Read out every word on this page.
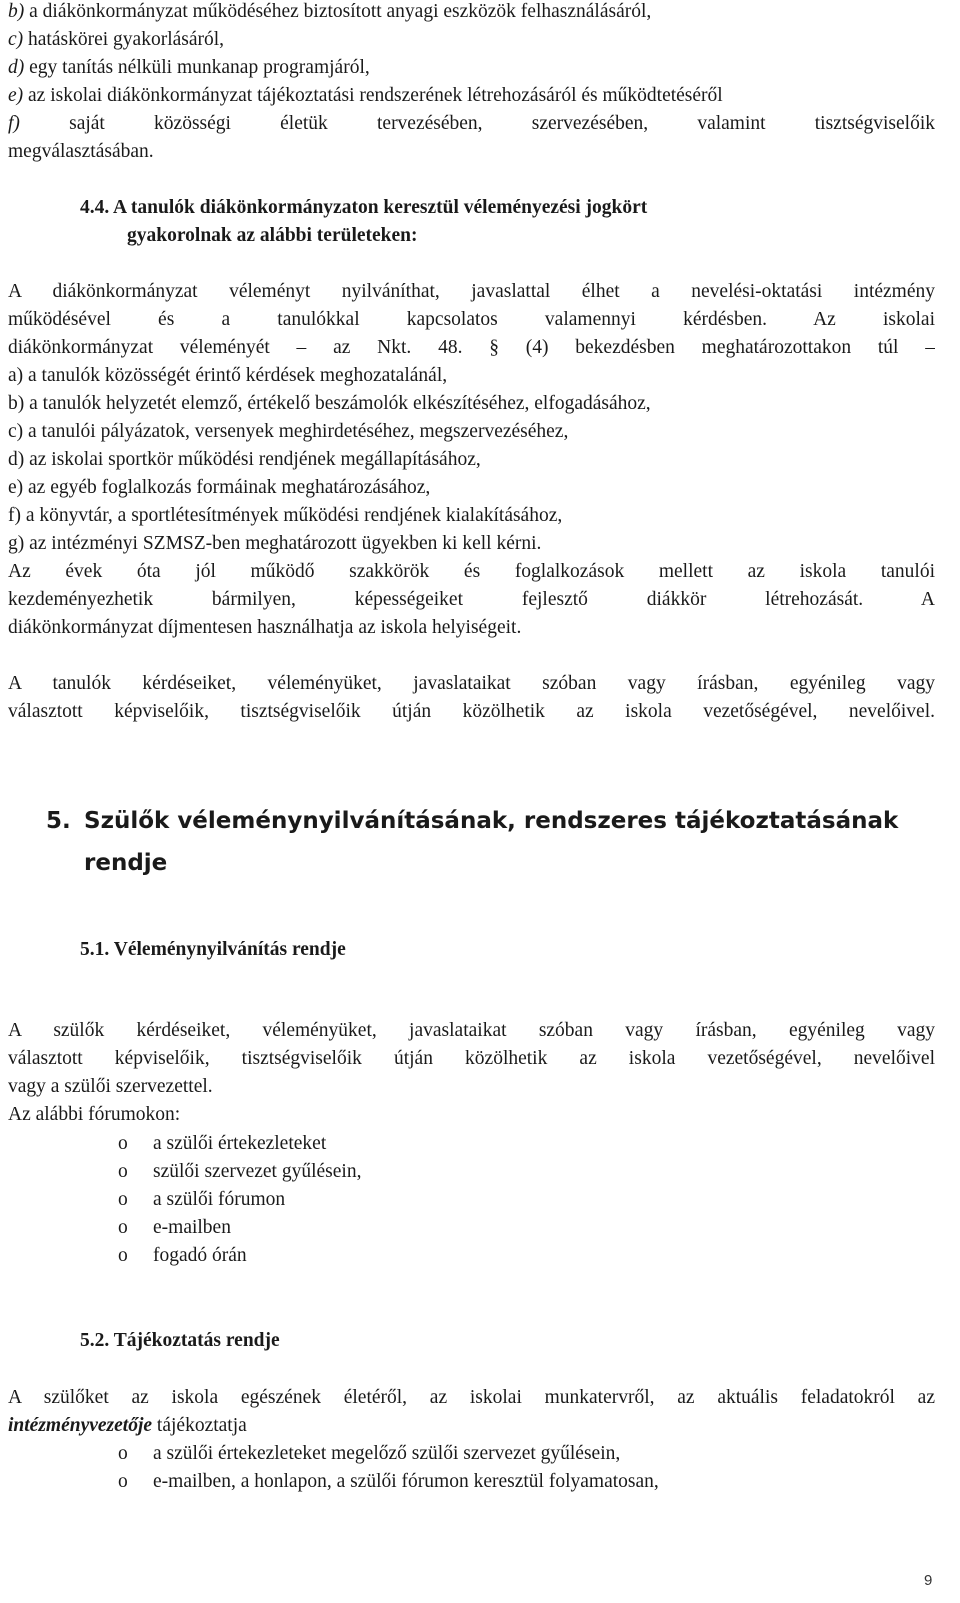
b) a diákönkormányzat működéséhez biztosított anyagi eszközök felhasználásáról,
c) hatáskörei gyakorlásáról,
d) egy tanítás nélküli munkanap programjáról,
e) az iskolai diákönkormányzat tájékoztatási rendszerének létrehozásáról és működtetéséről
f) saját közösségi életük tervezésében, szervezésében, valamint tisztségviselőik
megválasztásában.
4.4. A tanulók diákönkormányzaton keresztül véleményezési jogkört
gyakorolnak az alábbi területeken:
A diákönkormányzat véleményt nyilváníthat, javaslattal élhet a nevelési-oktatási intézmény
működésével és a tanulókkal kapcsolatos valamennyi kérdésben. Az iskolai
diákönkormányzat véleményét – az Nkt. 48. § (4) bekezdésben meghatározottakon túl –
a) a tanulók közösségét érintő kérdések meghozatalánál,
b) a tanulók helyzetét elemző, értékelő beszámolók elkészítéséhez, elfogadásához,
c) a tanulói pályázatok, versenyek meghirdetéséhez, megszervezéséhez,
d) az iskolai sportkör működési rendjének megállapításához,
e) az egyéb foglalkozás formáinak meghatározásához,
f) a könyvtár, a sportlétesítmények működési rendjének kialakításához,
g) az intézményi SZMSZ-ben meghatározott ügyekben ki kell kérni.
Az évek óta jól működő szakkörök és foglalkozások mellett az iskola tanulói
kezdeményezhetik bármilyen, képességeiket fejlesztő diákkör létrehozását. A
diákönkormányzat díjmentesen használhatja az iskola helyiségeit.
A tanulók kérdéseiket, véleményüket, javaslataikat szóban vagy írásban, egyénileg vagy
választott képviselőik, tisztségviselőik útján közölhetik az iskola vezetőségével, nevelőivel.
5. Szülők véleménynyilvánításának, rendszeres tájékoztatásának
rendje
5.1. Véleménynyilvánítás rendje
A szülők kérdéseiket, véleményüket, javaslataikat szóban vagy írásban, egyénileg vagy
választott képviselőik, tisztségviselőik útján közölhetik az iskola vezetőségével, nevelőivel
vagy a szülői szervezettel.
Az alábbi fórumokon:
o a szülői értekezleteket
o szülői szervezet gyűlésein,
o a szülői fórumon
o e-mailben
o fogadó órán
5.2. Tájékoztatás rendje
A szülőket az iskola egészének életéről, az iskolai munkatervről, az aktuális feladatokról az
intézményvezetője tájékoztatja
o a szülői értekezleteket megelőző szülői szervezet gyűlésein,
o e-mailben, a honlapon, a szülői fórumon keresztül folyamatosan,
9
